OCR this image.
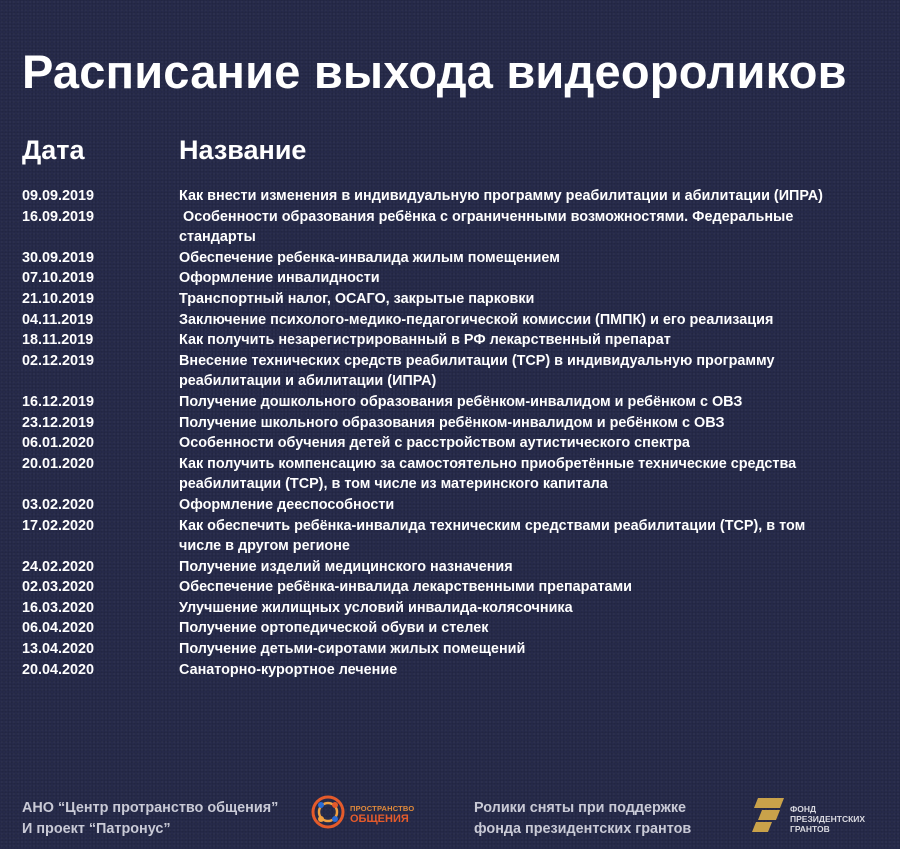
Расписание выхода видеороликов
Дата	Название
09.09.2019	Как внести изменения в индивидуальную программу реабилитации и абилитации (ИПРА)
16.09.2019	Особенности образования ребёнка с ограниченными возможностями. Федеральные стандарты
30.09.2019	Обеспечение ребенка-инвалида жилым помещением
07.10.2019	Оформление инвалидности
21.10.2019	Транспортный налог, ОСАГО, закрытые парковки
04.11.2019	Заключение психолого-медико-педагогической комиссии (ПМПК) и его реализация
18.11.2019	Как получить незарегистрированный в РФ лекарственный препарат
02.12.2019	Внесение технических средств реабилитации (ТСР) в индивидуальную программу реабилитации и абилитации (ИПРА)
16.12.2019	Получение дошкольного образования ребёнком-инвалидом и ребёнком с ОВЗ
23.12.2019	Получение школьного образования ребёнком-инвалидом и ребёнком с ОВЗ
06.01.2020	Особенности обучения детей с расстройством аутистического спектра
20.01.2020	Как получить компенсацию за самостоятельно приобретённые технические средства реабилитации (ТСР), в том числе из материнского капитала
03.02.2020	Оформление дееспособности
17.02.2020	Как обеспечить ребёнка-инвалида техническим средствами реабилитации (ТСР), в том числе в другом регионе
24.02.2020	Получение изделий медицинского назначения
02.03.2020	Обеспечение ребёнка-инвалида лекарственными препаратами
16.03.2020	Улучшение жилищных условий инвалида-колясочника
06.04.2020	Получение ортопедической обуви и стелек
13.04.2020	Получение детьми-сиротами жилых помещений
20.04.2020	Санаторно-курортное лечение
АНО “Центр протранство общения”
И проект “Патронус”
ПРОСТРАНСТВО
ОБЩЕНИЯ
Ролики сняты при поддержке
фонда президентских грантов
ФОНД
ПРЕЗИДЕНТСКИХ
ГРАНТОВ
